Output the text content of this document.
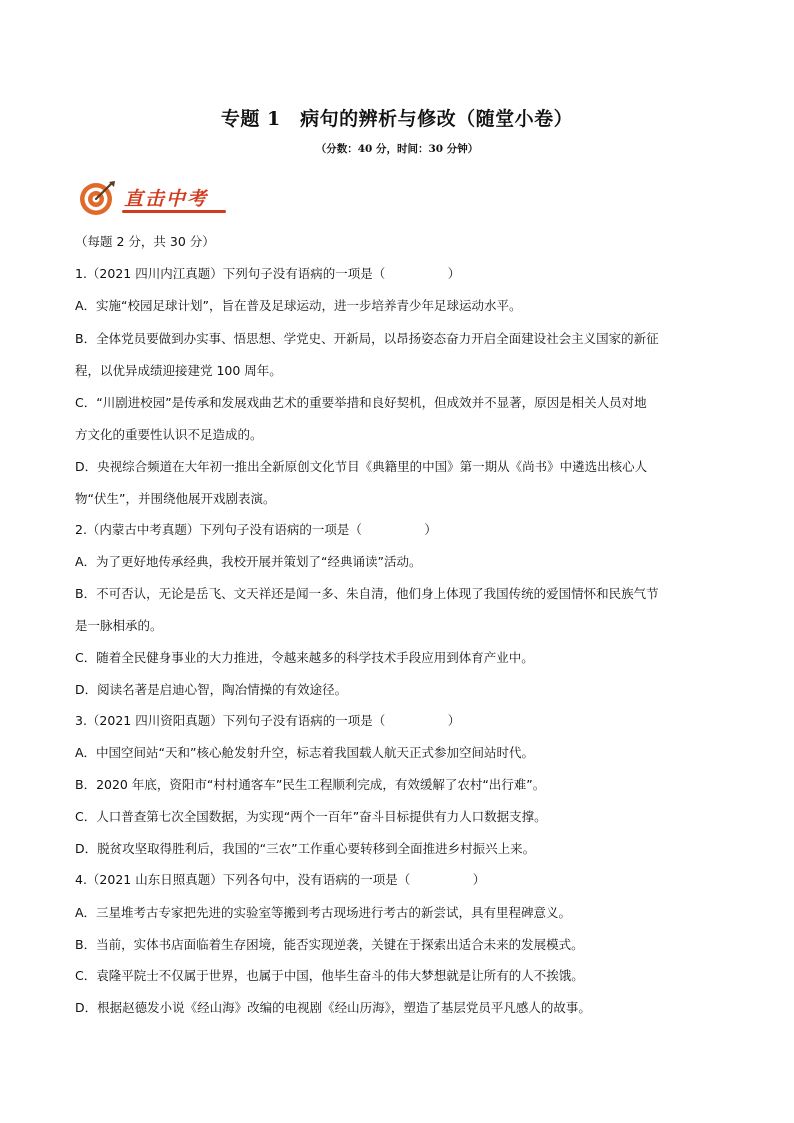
专题 1　病句的辨析与修改（随堂小卷）
（分数：40 分，时间：30 分钟）
直击中考
（每题 2 分，共 30 分）
1.（2021 四川内江真题）下列句子没有语病的一项是（　　　　　）
A．实施“校园足球计划”，旨在普及足球运动，进一步培养青少年足球运动水平。
B．全体党员要做到办实事、悟思想、学党史、开新局，以昂扬姿态奋力开启全面建设社会主义国家的新征
程，以优异成绩迎接建党 100 周年。
C．“川剧进校园”是传承和发展戏曲艺术的重要举措和良好契机，但成效并不显著，原因是相关人员对地
方文化的重要性认识不足造成的。
D．央视综合频道在大年初一推出全新原创文化节目《典籍里的中国》第一期从《尚书》中遴选出核心人
物“伏生”，并围绕他展开戏剧表演。
2.（内蒙古中考真题）下列句子没有语病的一项是（　　　　　）
A．为了更好地传承经典，我校开展并策划了“经典诵读”活动。
B．不可否认，无论是岳飞、文天祥还是闻一多、朱自清，他们身上体现了我国传统的爱国情怀和民族气节
是一脉相承的。
C．随着全民健身事业的大力推进，令越来越多的科学技术手段应用到体育产业中。
D．阅读名著是启迪心智，陶冶情操的有效途径。
3.（2021 四川资阳真题）下列句子没有语病的一项是（　　　　　）
A．中国空间站“天和”核心舱发射升空，标志着我国载人航天正式参加空间站时代。
B．2020 年底，资阳市“村村通客车”民生工程顺利完成，有效缓解了农村“出行难”。
C．人口普查第七次全国数据，为实现“两个一百年”奋斗目标提供有力人口数据支撑。
D．脱贫攻坚取得胜利后，我国的“三农”工作重心要转移到全面推进乡村振兴上来。
4.（2021 山东日照真题）下列各句中，没有语病的一项是（　　　　　）
A．三星堆考古专家把先进的实验室等搬到考古现场进行考古的新尝试，具有里程碑意义。
B．当前，实体书店面临着生存困境，能否实现逆袭，关键在于探索出适合未来的发展模式。
C．袁隆平院士不仅属于世界，也属于中国，他毕生奋斗的伟大梦想就是让所有的人不挨饿。
D．根据赵德发小说《经山海》改编的电视剧《经山历海》，塑造了基层党员平凡感人的故事。
